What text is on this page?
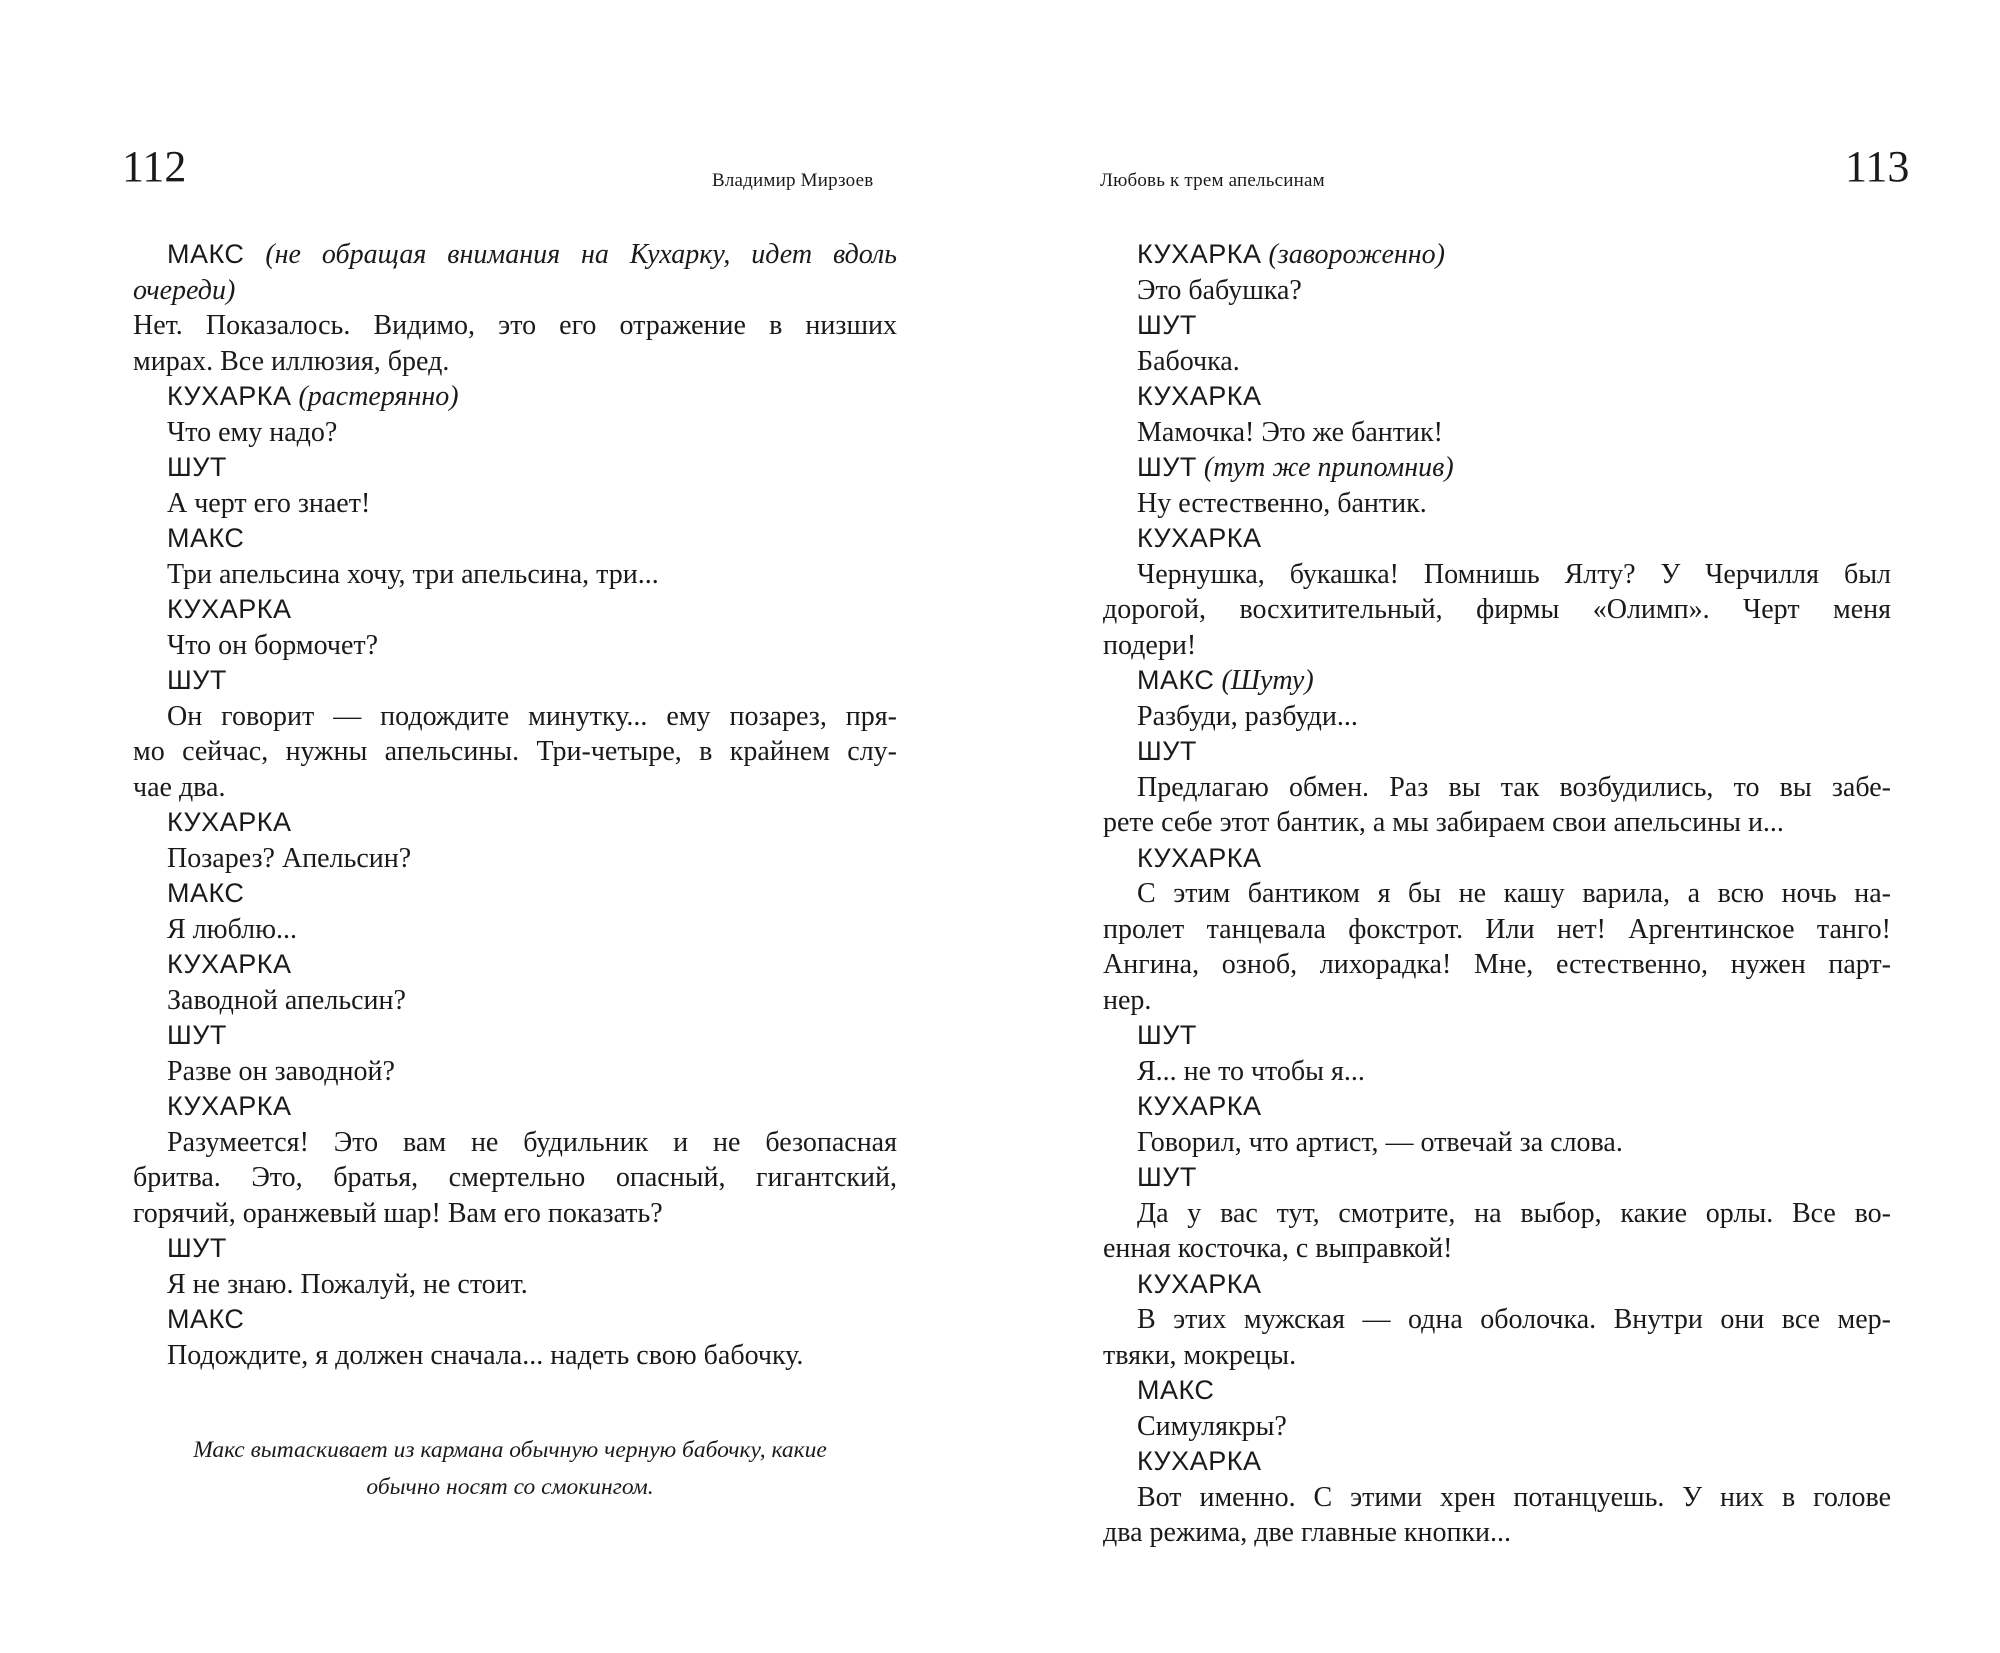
112	Владимир Мирзоев
МАКС (не обращая внимания на Кухарку, идет вдоль
очереди)
Нет. Показалось. Видимо, это его отражение в низших
мирах. Все иллюзия, бред.
КУХАРКА (растерянно)
Что ему надо?
ШУТ
А черт его знает!
МАКС
Три апельсина хочу, три апельсина, три...
КУХАРКА
Что он бормочет?
ШУТ
Он говорит — подождите минутку... ему позарез, пря-
мо сейчас, нужны апельсины. Три-четыре, в крайнем слу-
чае два.
КУХАРКА
Позарез? Апельсин?
МАКС
Я люблю...
КУХАРКА
Заводной апельсин?
ШУТ
Разве он заводной?
КУХАРКА
Разумеется! Это вам не будильник и не безопасная
бритва. Это, братья, смертельно опасный, гигантский,
горячий, оранжевый шар! Вам его показать?
ШУТ
Я не знаю. Пожалуй, не стоит.
МАКС
Подождите, я должен сначала... надеть свою бабочку.
Макс вытаскивает из кармана обычную черную бабочку, какие
обычно носят со смокингом.
113
Любовь к трем апельсинам
КУХАРКА (завороженно)
Это бабушка?
ШУТ
Бабочка.
КУХАРКА
Мамочка! Это же бантик!
ШУТ (тут же припомнив)
Ну естественно, бантик.
КУХАРКА
Чернушка, букашка! Помнишь Ялту? У Черчилля был
дорогой, восхитительный, фирмы «Олимп». Черт меня
подери!
МАКС (Шуту)
Разбуди, разбуди...
ШУТ
Предлагаю обмен. Раз вы так возбудились, то вы забе-
рете себе этот бантик, а мы забираем свои апельсины и...
КУХАРКА
С этим бантиком я бы не кашу варила, а всю ночь на-
пролет танцевала фокстрот. Или нет! Аргентинское танго!
Ангина, озноб, лихорадка! Мне, естественно, нужен парт-
нер.
ШУТ
Я... не то чтобы я...
КУХАРКА
Говорил, что артист, — отвечай за слова.
ШУТ
Да у вас тут, смотрите, на выбор, какие орлы. Все во-
енная косточка, с выправкой!
КУХАРКА
В этих мужская — одна оболочка. Внутри они все мер-
твяки, мокрецы.
МАКС
Симулякры?
КУХАРКА
Вот именно. С этими хрен потанцуешь. У них в голове
два режима, две главные кнопки...
